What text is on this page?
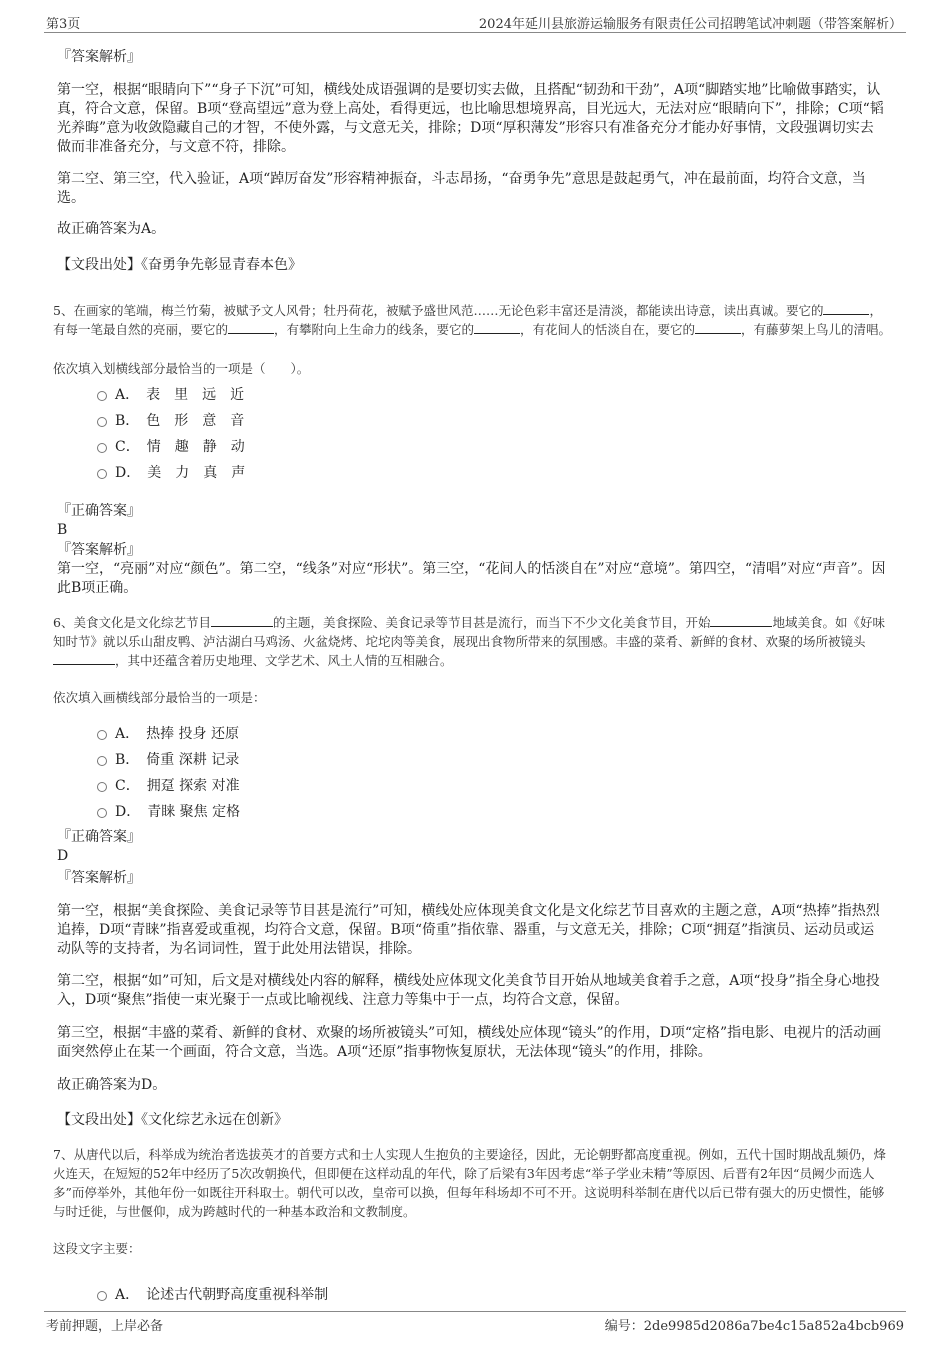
第3页	2024年延川县旅游运输服务有限责任公司招聘笔试冲刺题（带答案解析）
『答案解析』
第一空，根据“眼睛向下”“身子下沉”可知，横线处成语强调的是要切实去做，且搭配“韧劲和干劲”，A项“脚踏实地”比喻做事踏实，认真，符合文意，保留。B项“登高望远”意为登上高处，看得更远，也比喻思想境界高，目光远大，无法对应“眼睛向下”，排除；C项“韬光养晦”意为收敛隐藏自己的才智，不使外露，与文意无关，排除；D项“厚积薄发”形容只有准备充分才能办好事情，文段强调切实去做而非准备充分，与文意不符，排除。
第二空、第三空，代入验证，A项“踔厉奋发”形容精神振奋，斗志昂扬，“奋勇争先”意思是鼓起勇气，冲在最前面，均符合文意，当选。
故正确答案为A。
【文段出处】《奋勇争先彰显青春本色》
5、在画家的笔端，梅兰竹菊，被赋予文人风骨；牡丹荷花，被赋予盛世风范……无论色彩丰富还是清淡，都能读出诗意，读出真诚。要它的	，有每一笔最自然的亮丽，要它的	，有攀附向上生命力的线条，要它的	，有花间人的恬淡自在，要它的	，有藤萝架上鸟儿的清唱。
依次填入划横线部分最恰当的一项是（　　）。
A．　表　里　远　近
B．　色　形　意　音
C．　情　趣　静　动
D．　美　力　真　声
『正确答案』
B
『答案解析』
第一空，“亮丽”对应“颜色”。第二空，“线条”对应“形状”。第三空，“花间人的恬淡自在”对应“意境”。第四空，“清唱”对应“声音”。因此B项正确。
6、美食文化是文化综艺节目	的主题，美食探险、美食记录等节目甚是流行，而当下不少文化美食节目，开始	地域美食。如《好味知时节》就以乐山甜皮鸭、泸沽湖白马鸡汤、火盆烧烤、坨坨肉等美食，展现出食物所带来的氛围感。丰盛的菜肴、新鲜的食材、欢聚的场所被镜头，其中还蕴含着历史地理、文学艺术、风土人情的互相融合。
依次填入画横线部分最恰当的一项是：
A．　热捧 投身 还原
B．　倚重 深耕 记录
C．　拥趸 探索 对准
D．　青睐 聚焦 定格
『正确答案』
D
『答案解析』
第一空，根据“美食探险、美食记录等节目甚是流行”可知，横线处应体现美食文化是文化综艺节目喜欢的主题之意，A项“热捧”指热烈追捧，D项“青睐”指喜爱或重视，均符合文意，保留。B项“倚重”指依靠、器重，与文意无关，排除；C项“拥趸”指演员、运动员或运动队等的支持者，为名词词性，置于此处用法错误，排除。
第二空，根据“如”可知，后文是对横线处内容的解释，横线处应体现文化美食节目开始从地域美食着手之意，A项“投身”指全身心地投入，D项“聚焦”指使一束光聚于一点或比喻视线、注意力等集中于一点，均符合文意，保留。
第三空，根据“丰盛的菜肴、新鲜的食材、欢聚的场所被镜头”可知，横线处应体现“镜头”的作用，D项“定格”指电影、电视片的活动画面突然停止在某一个画面，符合文意，当选。A项“还原”指事物恢复原状，无法体现“镜头”的作用，排除。
故正确答案为D。
【文段出处】《文化综艺永远在创新》
7、从唐代以后，科举成为统治者选拔英才的首要方式和士人实现人生抱负的主要途径，因此，无论朝野都高度重视。例如，五代十国时期战乱频仍，烽火连天，在短短的52年中经历了5次改朝换代，但即便在这样动乱的年代，除了后梁有3年因考虑“举子学业未精”等原因、后晋有2年因“员阙少而选人多”而停举外，其他年份一如既往开科取士。朝代可以改，皇帝可以换，但每年科场却不可不开。这说明科举制在唐代以后已带有强大的历史惯性，能够与时迁徙，与世偃仰，成为跨越时代的一种基本政治和文教制度。
这段文字主要：
A．　论述古代朝野高度重视科举制
考前押题，上岸必备	编号：2de9985d2086a7be4c15a852a4bcb969
